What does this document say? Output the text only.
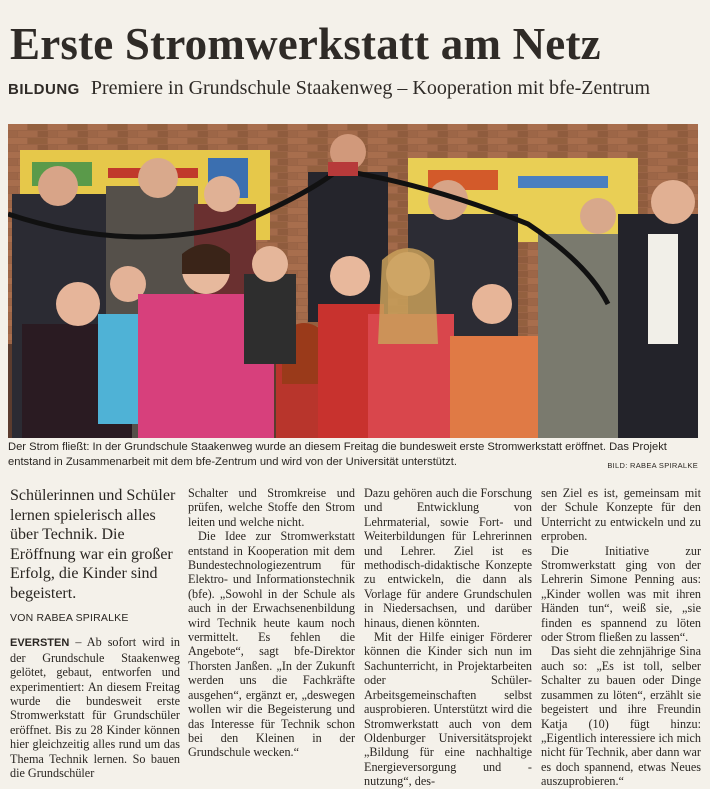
Erste Stromwerkstatt am Netz
BILDUNG Premiere in Grundschule Staakenweg – Kooperation mit bfe-Zentrum
Der Strom fließt: In der Grundschule Staakenweg wurde an diesem Freitag die bundesweit erste Stromwerkstatt eröffnet. Das Projekt entstand in Zusammenarbeit mit dem bfe-Zentrum und wird von der Universität unterstützt.	BILD: RABEA SPIRALKE
Schülerinnen und Schüler lernen spielerisch alles über Technik. Die Eröffnung war ein großer Erfolg, die Kinder sind begeistert.
VON RABEA SPIRALKE

EVERSTEN – Ab sofort wird in der Grundschule Staakenweg gelötet, gebaut, entworfen und experimentiert: An diesem Freitag wurde die bundesweit erste Stromwerkstatt für Grundschüler eröffnet. Bis zu 28 Kinder können hier gleichzeitig alles rund um das Thema Technik lernen. So bauen die Grundschüler

Schalter und Stromkreise und prüfen, welche Stoffe den Strom leiten und welche nicht.

Die Idee zur Stromwerkstatt entstand in Kooperation mit dem Bundestechnologiezentrum für Elektro- und Informationstechnik (bfe). „Sowohl in der Schule als auch in der Erwachsenenbildung wird Technik heute kaum noch vermittelt. Es fehlen die Angebote“, sagt bfe-Direktor Thorsten Janßen. „In der Zukunft werden uns die Fachkräfte ausgehen“, ergänzt er, „deswegen wollen wir die Begeisterung und das Interesse für Technik schon bei den Kleinen in der Grundschule wecken.“

Dazu gehören auch die Forschung und Entwicklung von Lehrmaterial, sowie Fort- und Weiterbildungen für Lehrerinnen und Lehrer. Ziel ist es methodisch-didaktische Konzepte zu entwickeln, die dann als Vorlage für andere Grundschulen in Niedersachsen, und darüber hinaus, dienen könnten.

Mit der Hilfe einiger Förderer können die Kinder sich nun im Sachunterricht, in Projektarbeiten oder Schüler-Arbeitsgemeinschaften selbst ausprobieren. Unterstützt wird die Stromwerkstatt auch von dem Oldenburger Universitätsprojekt „Bildung für eine nachhaltige Energieversorgung und -nutzung“, des-

sen Ziel es ist, gemeinsam mit der Schule Konzepte für den Unterricht zu entwickeln und zu erproben.

Die Initiative zur Stromwerkstatt ging von der Lehrerin Simone Penning aus: „Kinder wollen was mit ihren Händen tun“, weiß sie, „sie finden es spannend zu löten oder Strom fließen zu lassen“.

Das sieht die zehnjährige Sina auch so: „Es ist toll, selber Schalter zu bauen oder Dinge zusammen zu löten“, erzählt sie begeistert und ihre Freundin Katja (10) fügt hinzu: „Eigentlich interessiere ich mich nicht für Technik, aber dann war es doch spannend, etwas Neues auszuprobieren.“
